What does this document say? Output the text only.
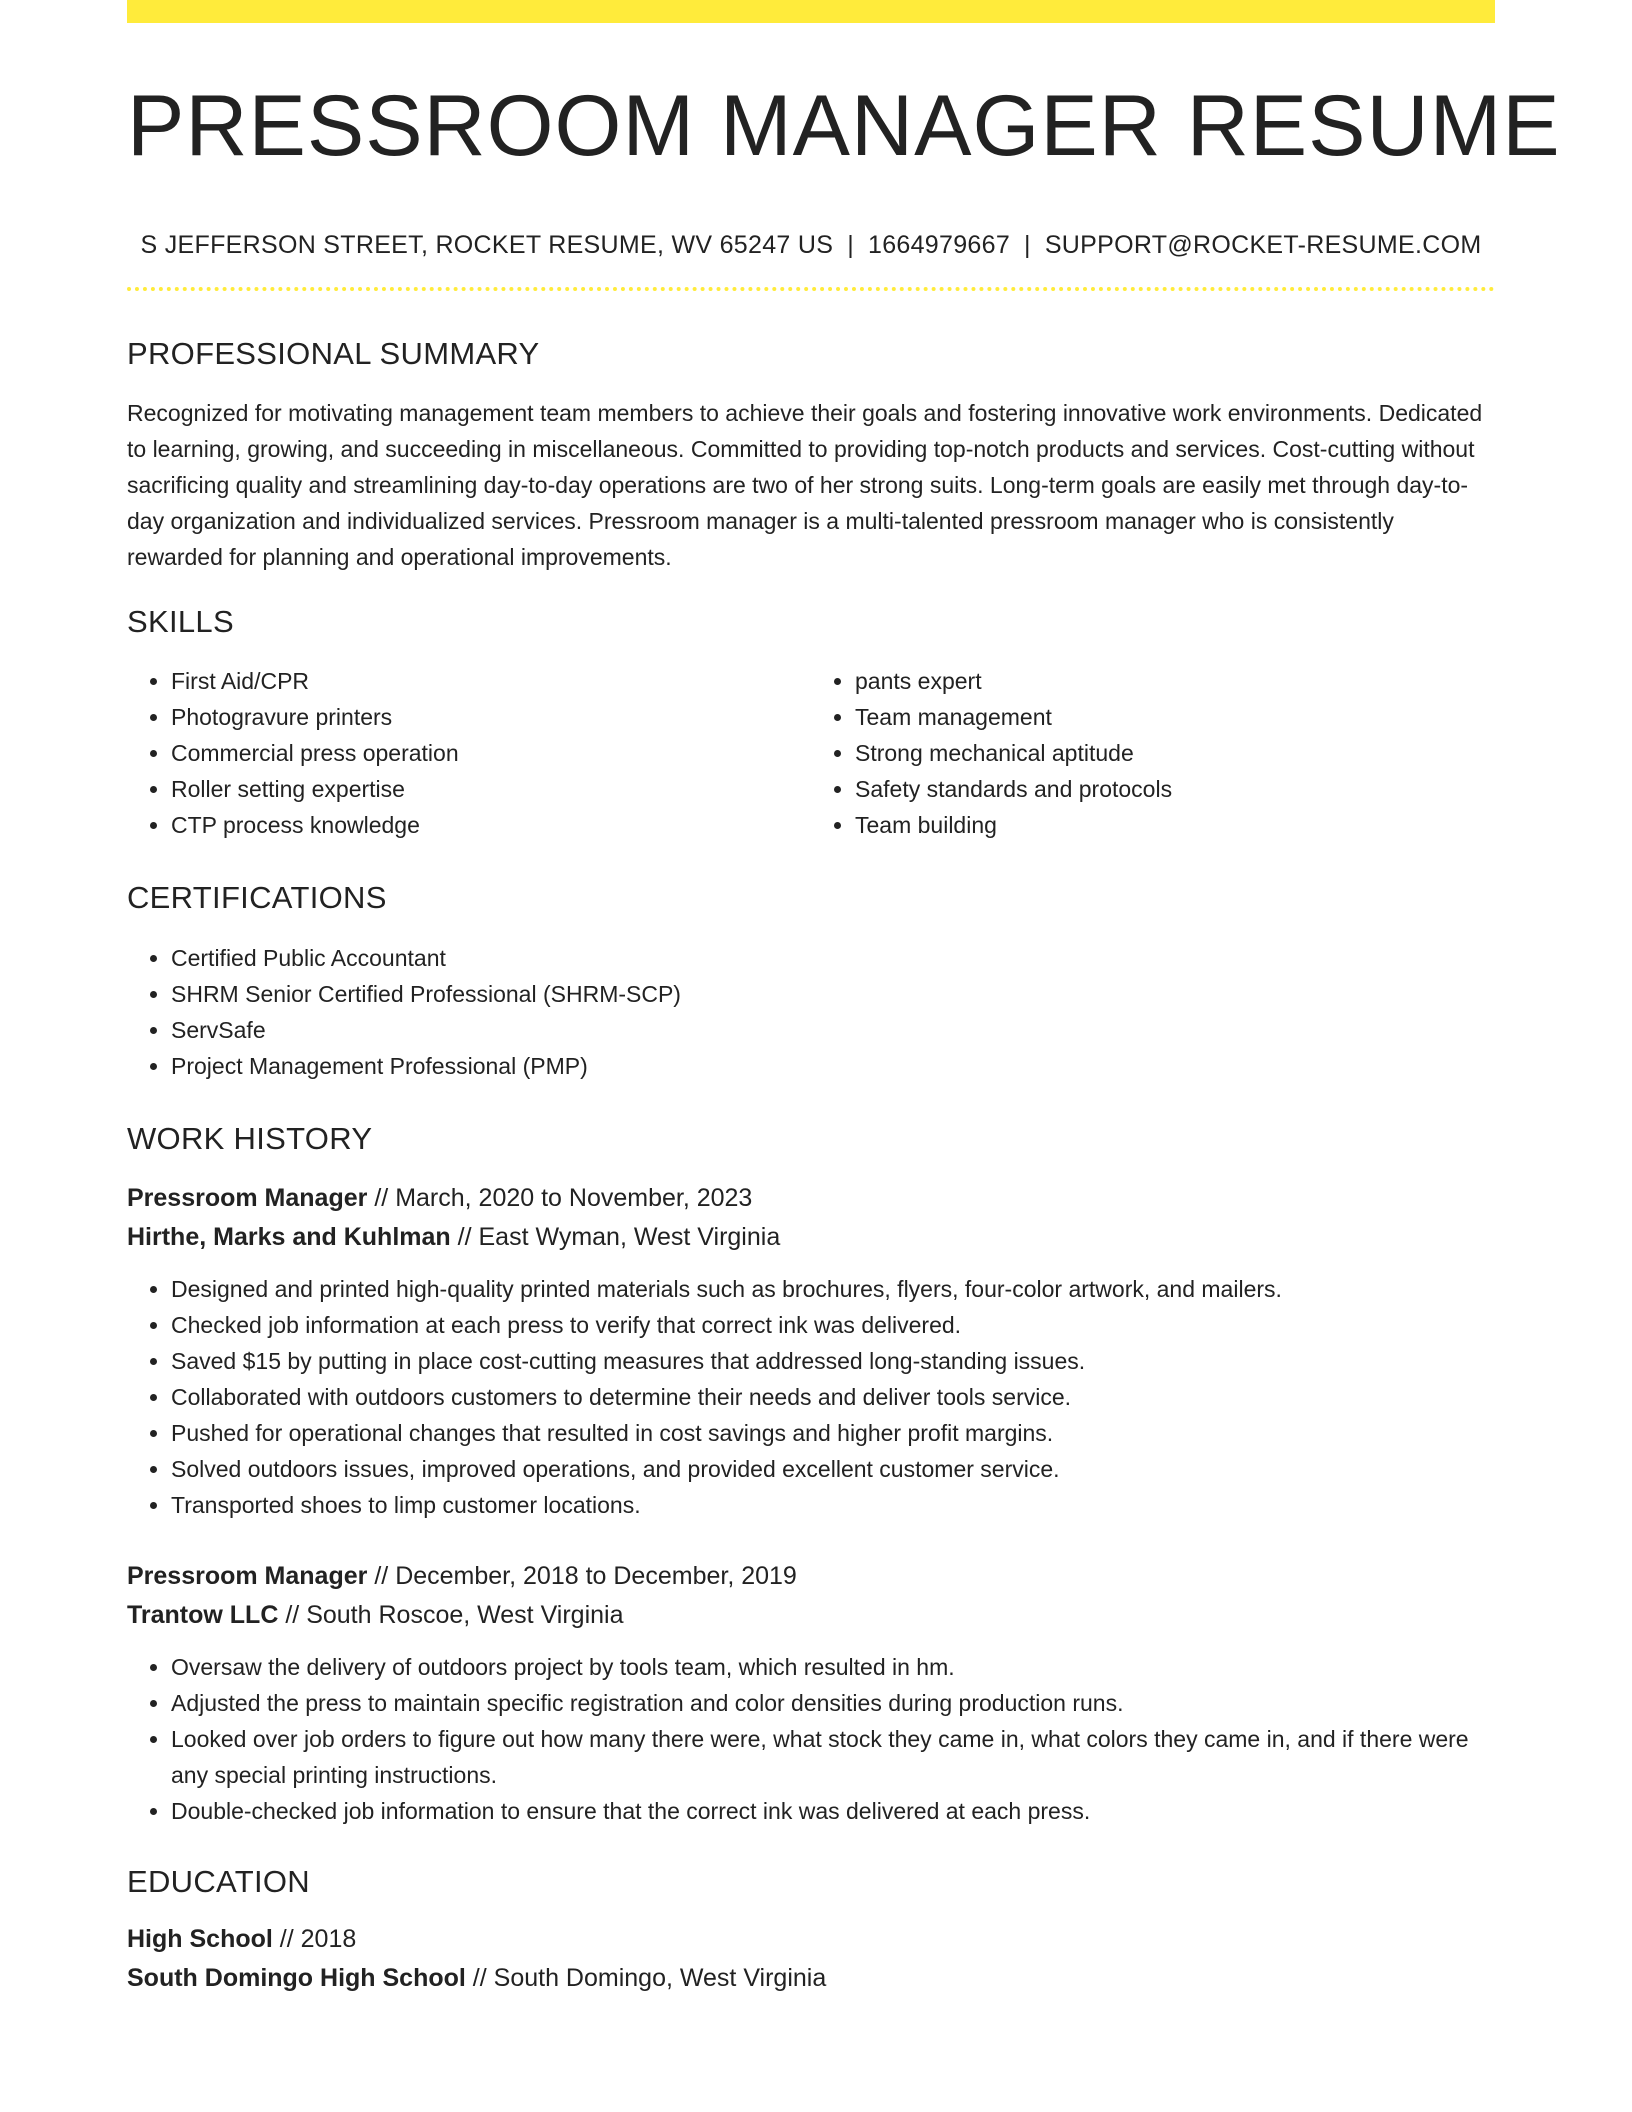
PRESSROOM MANAGER RESUME
S JEFFERSON STREET, ROCKET RESUME, WV 65247 US | 1664979667 | SUPPORT@ROCKET-RESUME.COM
PROFESSIONAL SUMMARY

Recognized for motivating management team members to achieve their goals and fostering innovative work environments. Dedicated to learning, growing, and succeeding in miscellaneous. Committed to providing top-notch products and services. Cost-cutting without sacrificing quality and streamlining day-to-day operations are two of her strong suits. Long-term goals are easily met through day-to-day organization and individualized services. Pressroom manager is a multi-talented pressroom manager who is consistently rewarded for planning and operational improvements.

SKILLS
• First Aid/CPR
• Photogravure printers
• Commercial press operation
• Roller setting expertise
• CTP process knowledge
• pants expert
• Team management
• Strong mechanical aptitude
• Safety standards and protocols
• Team building
CERTIFICATIONS
• Certified Public Accountant
• SHRM Senior Certified Professional (SHRM-SCP)
• ServSafe
• Project Management Professional (PMP)
WORK HISTORY

Pressroom Manager // March, 2020 to November, 2023

Hirthe, Marks and Kuhlman // East Wyman, West Virginia

• Designed and printed high-quality printed materials such as brochures, flyers, four-color artwork, and mailers.
• Checked job information at each press to verify that correct ink was delivered.
• Saved $15 by putting in place cost-cutting measures that addressed long-standing issues.
• Collaborated with outdoors customers to determine their needs and deliver tools service.
• Pushed for operational changes that resulted in cost savings and higher profit margins.
• Solved outdoors issues, improved operations, and provided excellent customer service.
• Transported shoes to limp customer locations.

Pressroom Manager // December, 2018 to December, 2019

Trantow LLC // South Roscoe, West Virginia

• Oversaw the delivery of outdoors project by tools team, which resulted in hm.
• Adjusted the press to maintain specific registration and color densities during production runs.
• Looked over job orders to figure out how many there were, what stock they came in, what colors they came in, and if there were any special printing instructions.
• Double-checked job information to ensure that the correct ink was delivered at each press.
EDUCATION

High School // 2018

South Domingo High School // South Domingo, West Virginia
